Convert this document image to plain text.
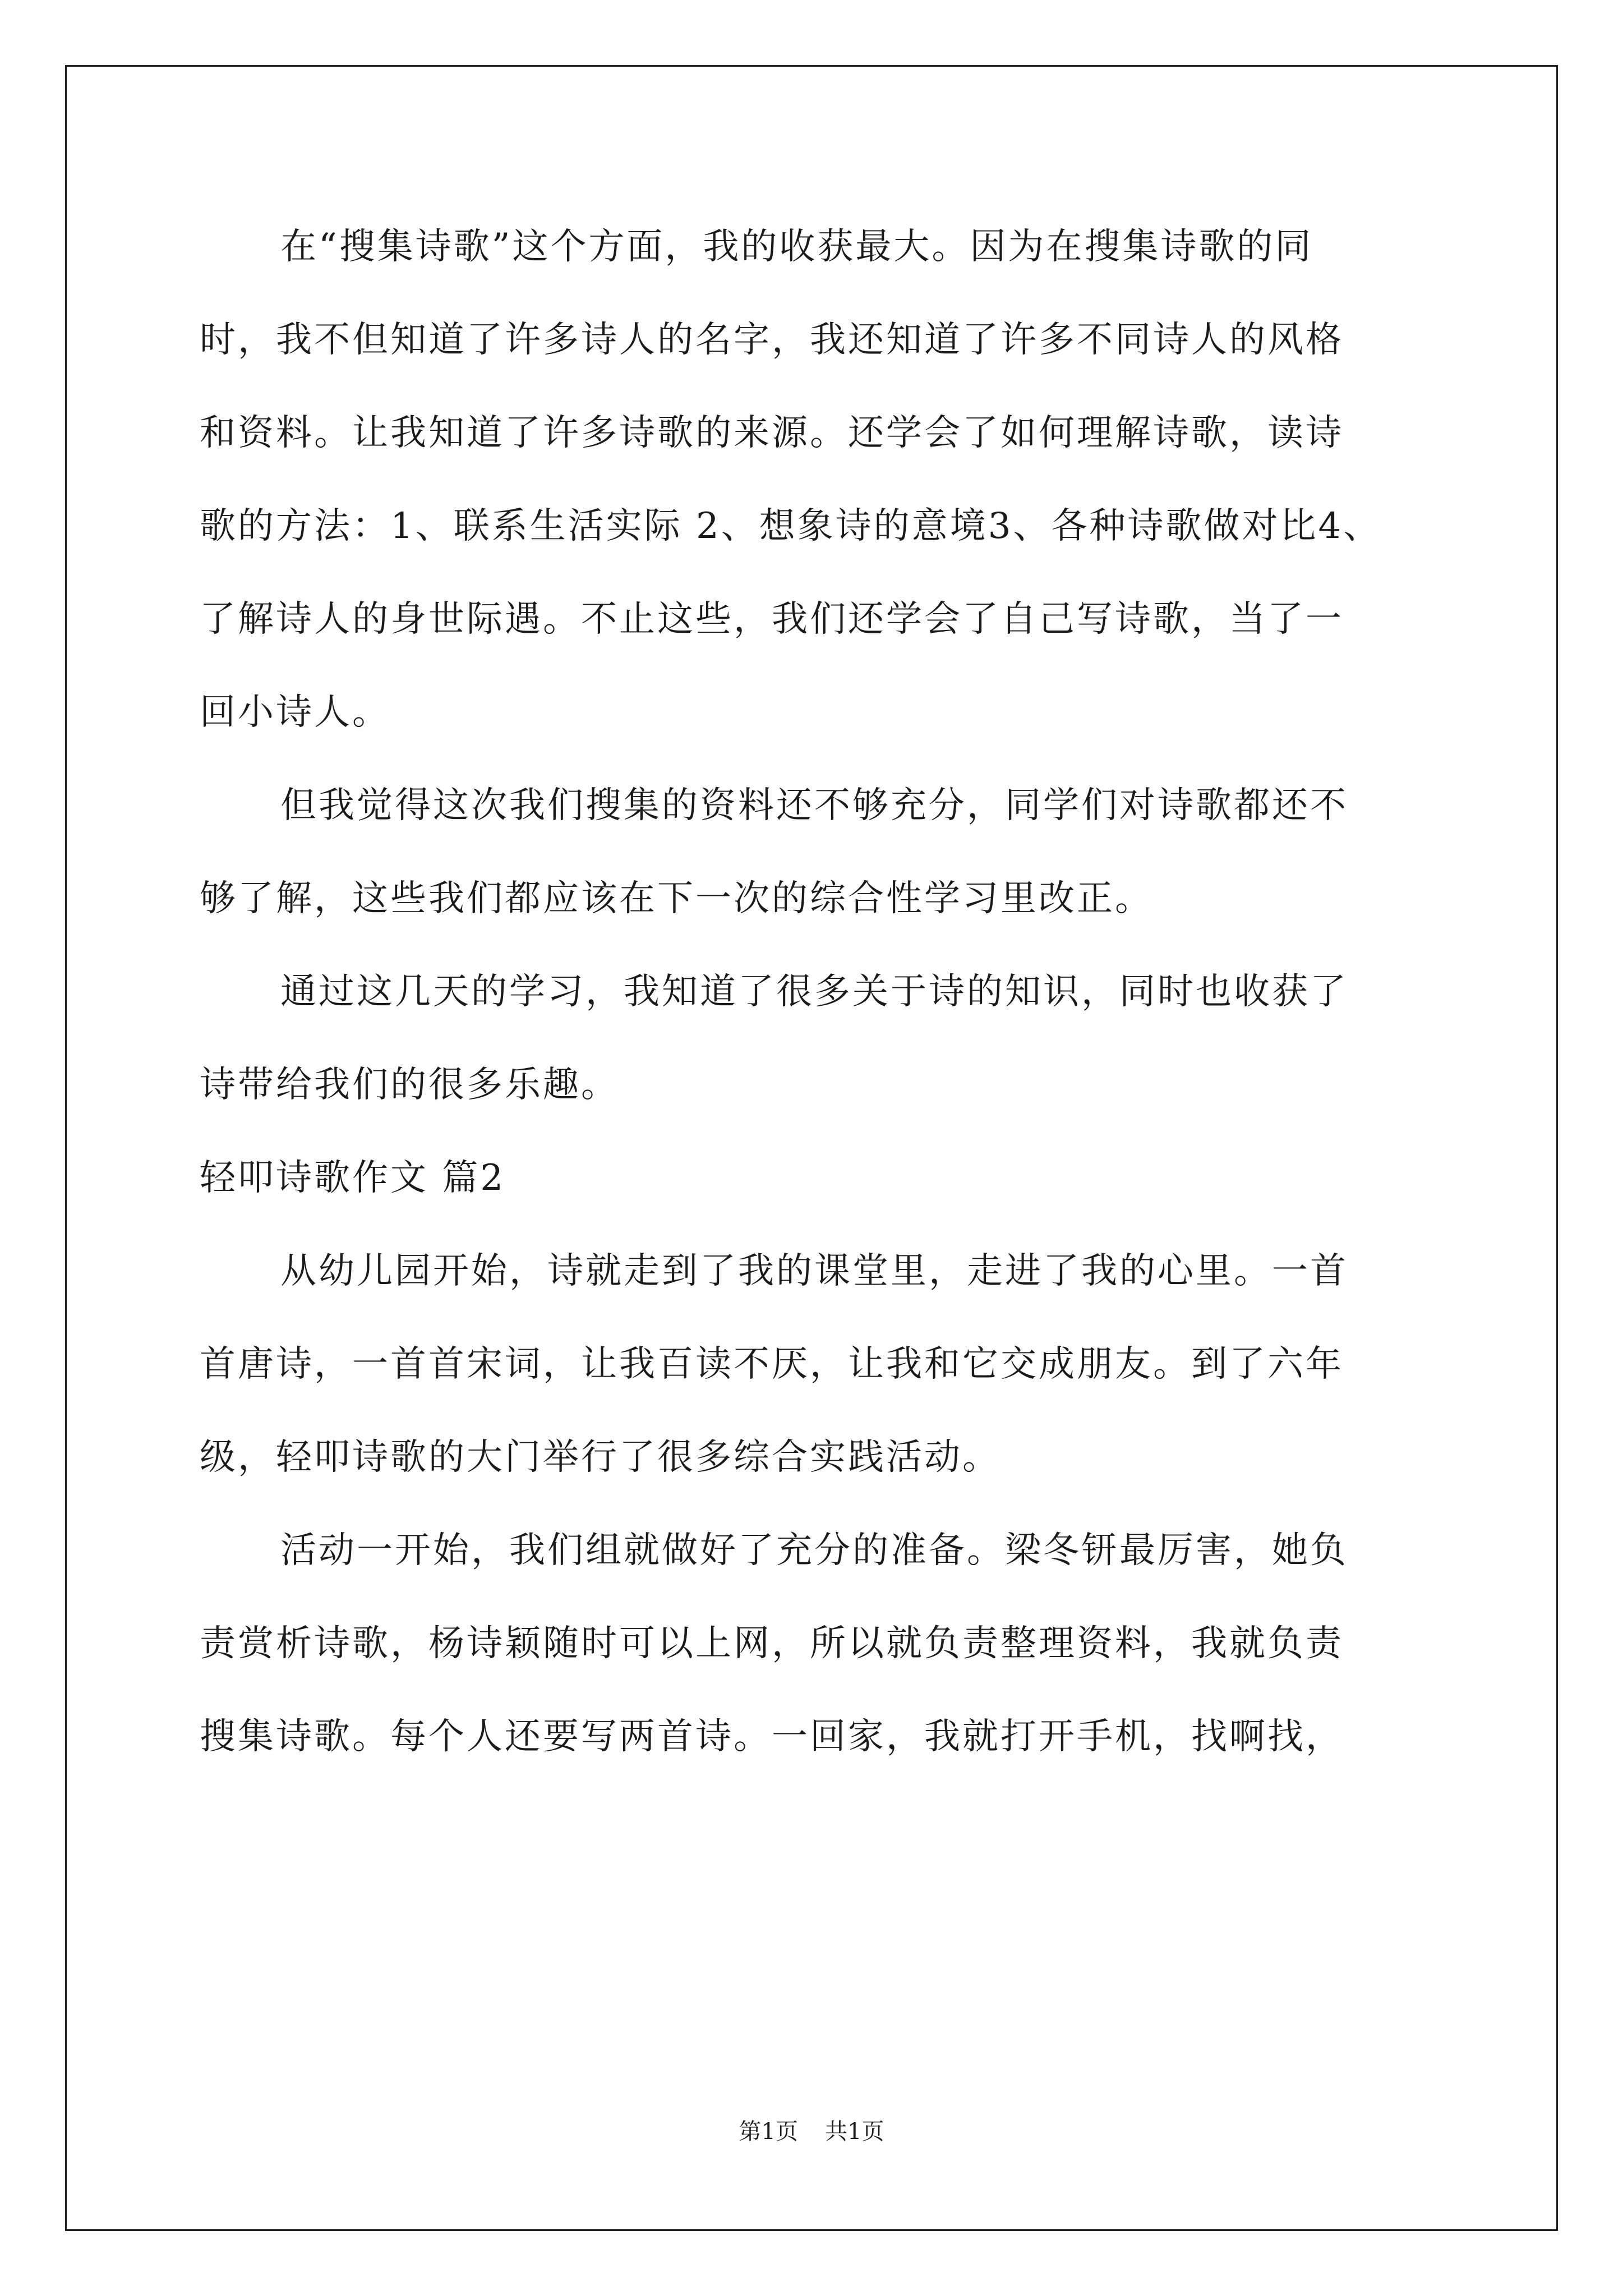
在“搜集诗歌”这个方面，我的收获最大。因为在搜集诗歌的同
时，我不但知道了许多诗人的名字，我还知道了许多不同诗人的风格
和资料。让我知道了许多诗歌的来源。还学会了如何理解诗歌，读诗
歌的方法：1、联系生活实际 2、想象诗的意境3、各种诗歌做对比4、
了解诗人的身世际遇。不止这些，我们还学会了自己写诗歌，当了一
回小诗人。
但我觉得这次我们搜集的资料还不够充分，同学们对诗歌都还不
够了解，这些我们都应该在下一次的综合性学习里改正。
通过这几天的学习，我知道了很多关于诗的知识，同时也收获了
诗带给我们的很多乐趣。
轻叩诗歌作文 篇2
从幼儿园开始，诗就走到了我的课堂里，走进了我的心里。一首
首唐诗，一首首宋词，让我百读不厌，让我和它交成朋友。到了六年
级，轻叩诗歌的大门举行了很多综合实践活动。
活动一开始，我们组就做好了充分的准备。梁冬钘最厉害，她负
责赏析诗歌，杨诗颖随时可以上网，所以就负责整理资料，我就负责
搜集诗歌。每个人还要写两首诗。一回家，我就打开手机，找啊找，
第1页 共1页
